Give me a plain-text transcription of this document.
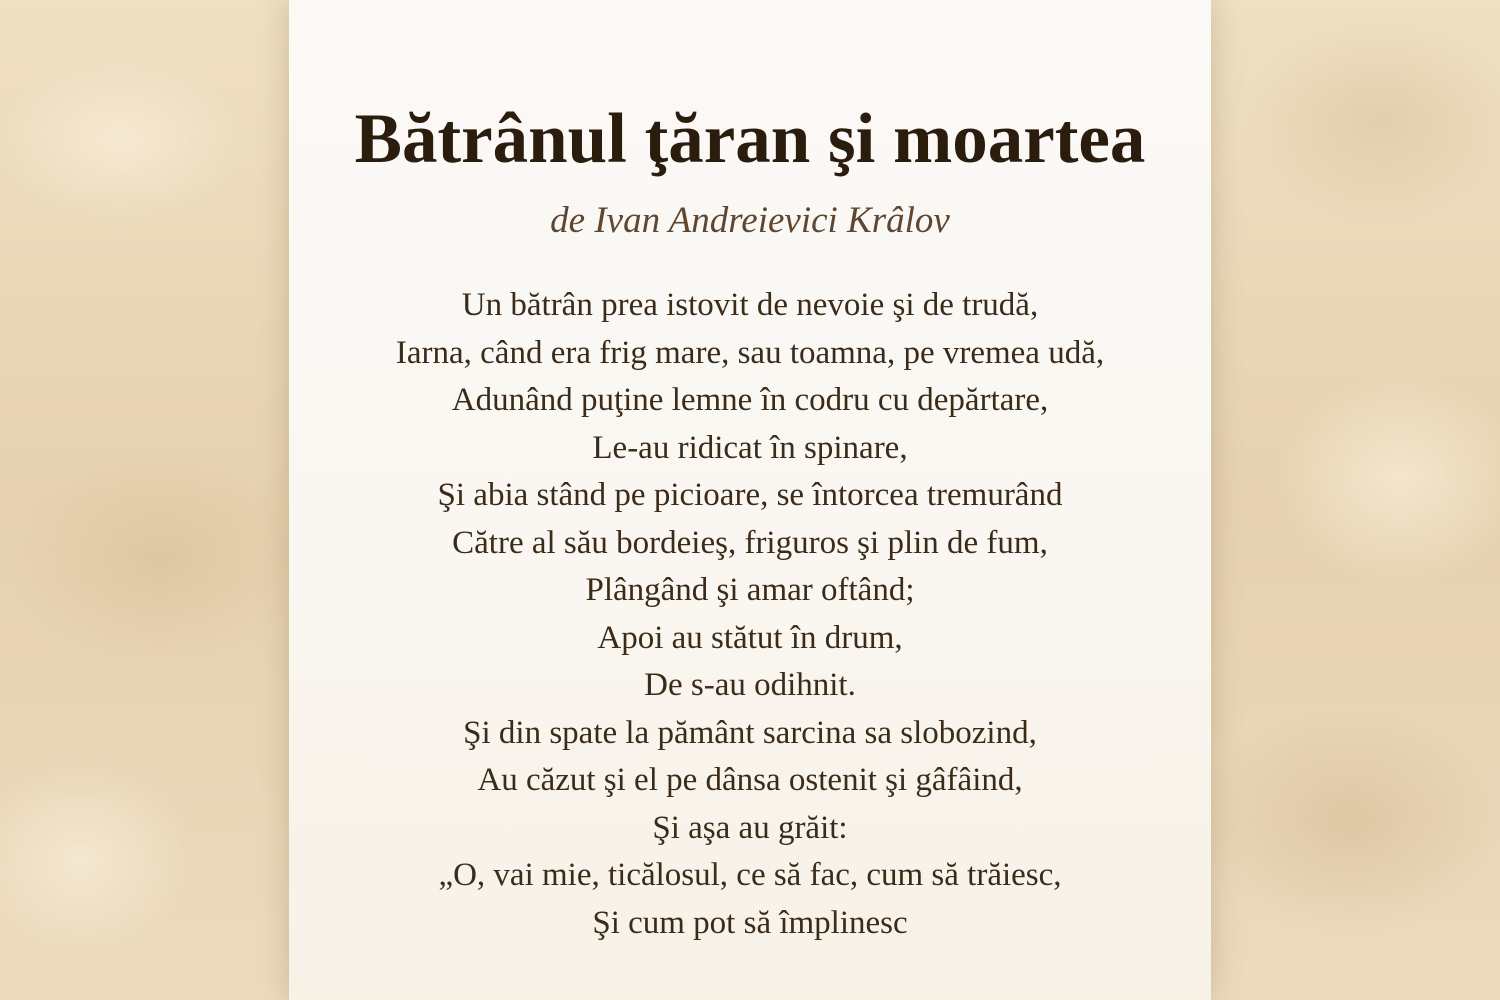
Bătrânul ţăran şi moartea
de Ivan Andreievici Krâlov
Un bătrân prea istovit de nevoie şi de trudă,
Iarna, când era frig mare, sau toamna, pe vremea udă,
Adunând puţine lemne în codru cu depărtare,
Le-au ridicat în spinare,
Şi abia stând pe picioare, se întorcea tremurând
Către al său bordeieş, friguros şi plin de fum,
Plângând şi amar oftând;
Apoi au stătut în drum,
De s-au odihnit.
Şi din spate la pământ sarcina sa slobozind,
Au căzut şi el pe dânsa ostenit şi gâfâind,
Şi aşa au grăit:
„O, vai mie, ticălosul, ce să fac, cum să trăiesc,
Şi cum pot să împlinesc
